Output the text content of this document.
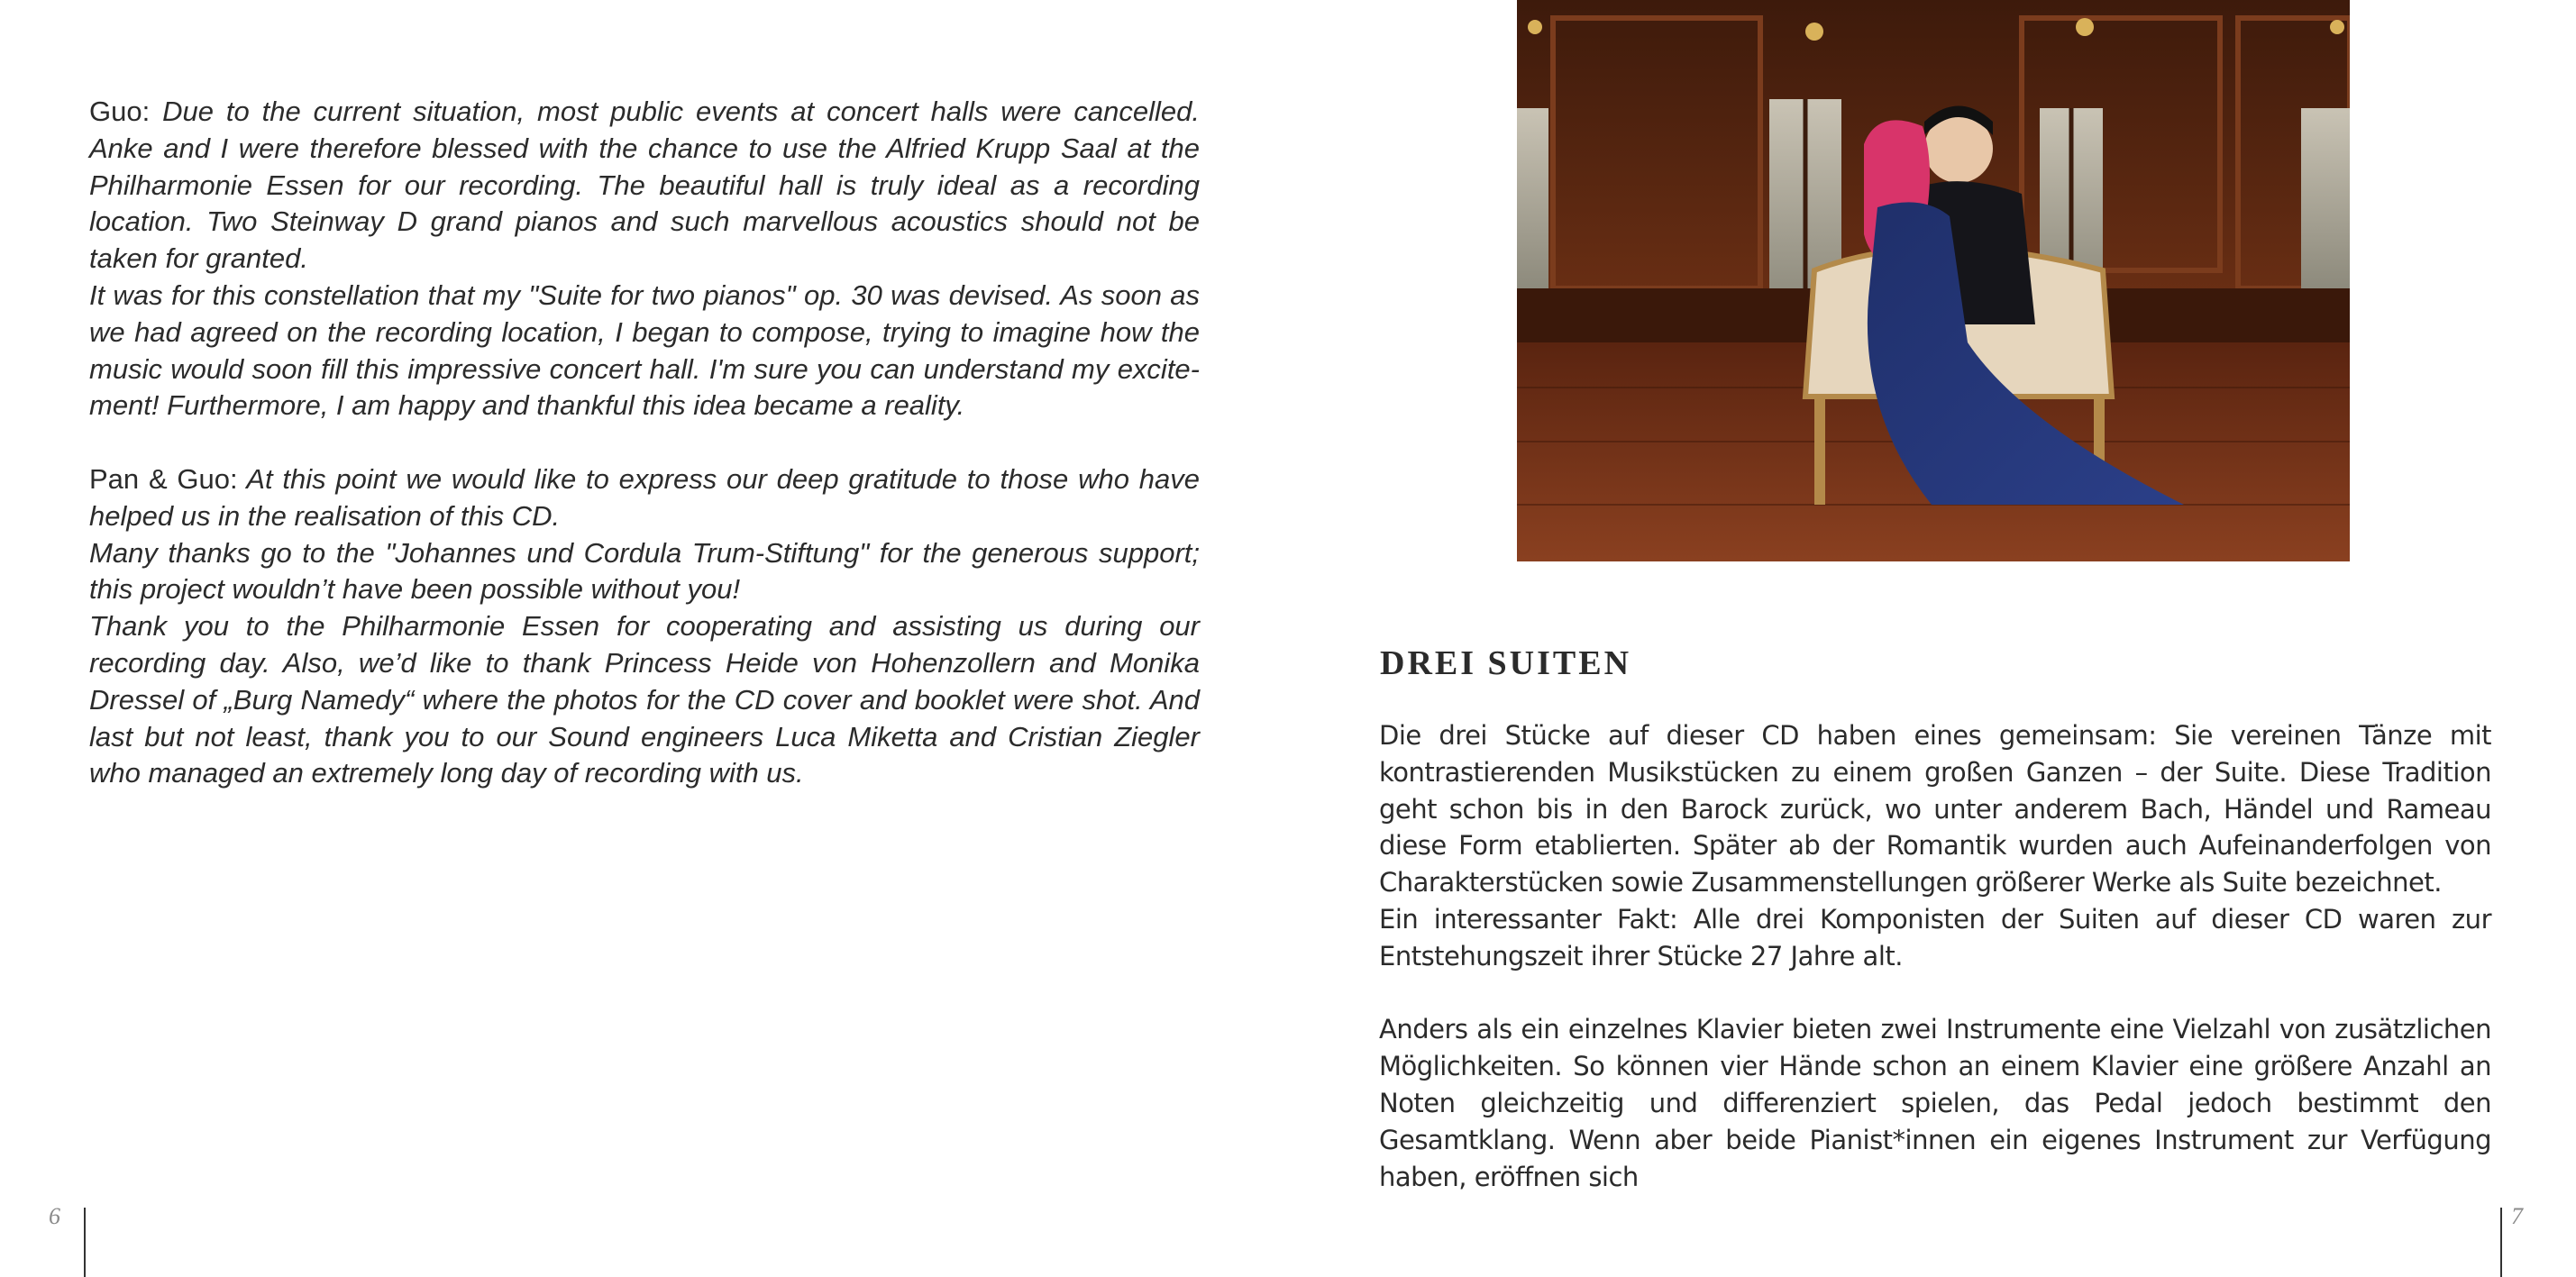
Guo: Due to the current situation, most public events at concert halls were cancelled. Anke and I were therefore blessed with the chance to use the Alfried Krupp Saal at the Philharmonie Essen for our recording. The beautiful hall is truly ideal as a recording location. Two Steinway D grand pianos and such marvellous acoustics should not be taken for granted.

It was for this constellation that my "Suite for two pianos" op. 30 was devised. As soon as we had agreed on the recording location, I began to compose, trying to imagine how the music would soon fill this impressive concert hall. I'm sure you can understand my excitement! Furthermore, I am happy and thankful this idea became a reality.

Pan & Guo: At this point we would like to express our deep gratitude to those who have helped us in the realisation of this CD.

Many thanks go to the "Johannes und Cordula Trum-Stiftung" for the generous support; this project wouldn’t have been possible without you!

Thank you to the Philharmonie Essen for cooperating and assisting us during our recording day. Also, we’d like to thank Princess Heide von Hohenzollern and Monika Dressel of „Burg Namedy“ where the photos for the CD cover and booklet were shot. And last but not least, thank you to our Sound engineers Luca Miketta and Cristian Ziegler who managed an extremely long day of recording with us.

6	7
DREI SUITEN

Die drei Stücke auf dieser CD haben eines gemeinsam: Sie vereinen Tänze mit kontrastierenden Musikstücken zu einem großen Ganzen – der Suite. Diese Tradition geht schon bis in den Barock zurück, wo unter anderem Bach, Händel und Rameau diese Form etablierten. Später ab der Romantik wurden auch Aufeinanderfolgen von Charakterstücken sowie Zusammenstellungen größerer Werke als Suite bezeichnet.

Ein interessanter Fakt: Alle drei Komponisten der Suiten auf dieser CD waren zur Entstehungszeit ihrer Stücke 27 Jahre alt.

Anders als ein einzelnes Klavier bieten zwei Instrumente eine Vielzahl von zusätzlichen Möglichkeiten. So können vier Hände schon an einem Klavier eine größere Anzahl an Noten gleichzeitig und differenziert spielen, das Pedal jedoch bestimmt den Gesamtklang. Wenn aber beide Pianist*innen ein eigenes Instrument zur Verfügung haben, eröffnen sich
